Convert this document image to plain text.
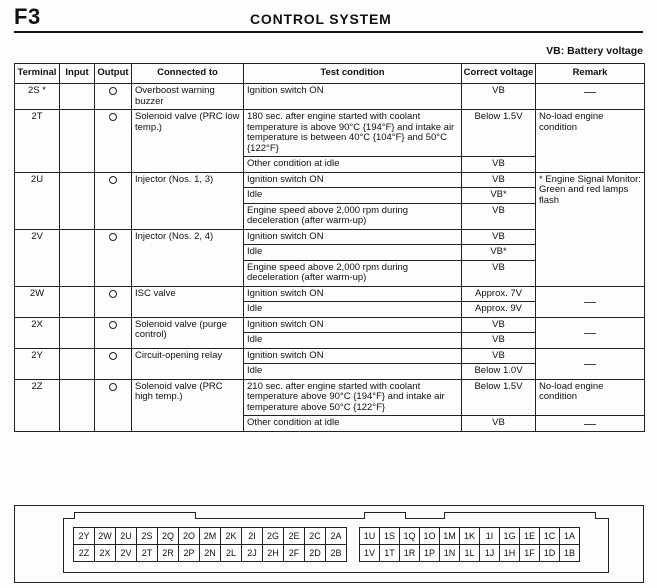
F3	CONTROL SYSTEM
VB: Battery voltage
Terminal	Input	Output	Connected to	Test condition	Correct voltage	Remark
2S *			Overboost warning buzzer	Ignition switch ON	VB	
2T			Solenoid valve (PRC low temp.)	180 sec. after engine started with coolant temperature is above 90°C {194°F} and intake air temperature is between 40°C {104°F} and 50°C {122°F}	Below 1.5V	No-load engine condition
				Other condition at idle	VB	
2U			Injector (Nos. 1, 3)	Ignition switch ON	VB	* Engine Signal Monitor: Green and red lamps flash
				Idle	VB*	
				Engine speed above 2,000 rpm during deceleration (after warm-up)	VB	
2V			Injector (Nos. 2, 4)	Ignition switch ON	VB	
				Idle	VB*	
				Engine speed above 2,000 rpm during deceleration (after warm-up)	VB	
2W			ISC valve	Ignition switch ON	Approx. 7V	
				Idle	Approx. 9V	
2X			Solenoid valve (purge control)	Ignition switch ON	VB	
				Idle	VB	
2Y			Circuit-opening relay	Ignition switch ON	VB	
				Idle	Below 1.0V	
2Z			Solenoid valve (PRC high temp.)	210 sec. after engine started with coolant temperature above 90°C {194°F} and intake air temperature above 50°C {122°F}	Below 1.5V	No-load engine condition
				Other condition at idle	VB	
2Y 2W 2U	2S	2Q 2O 2M	2K	2I	2G	2E	2C	2A
2Z	2X	2V	2T	2R	2P	2N	2L	2J	2H	2F	2D	2B
1U 1S 1Q 1O 1M 1K	1I	1G 1E 1C 1A
1V	1T 1R 1P 1N	1L	1J	1H 1F 1D 1B
